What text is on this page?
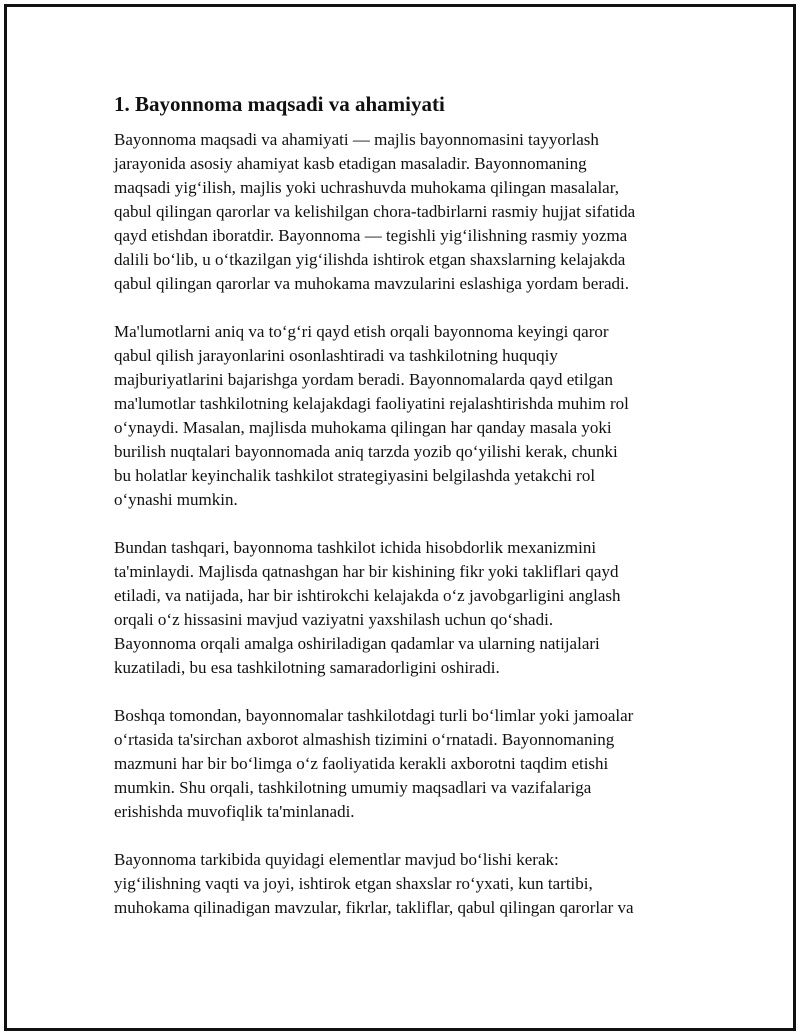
1. Bayonnoma maqsadi va ahamiyati
Bayonnoma maqsadi va ahamiyati — majlis bayonnomasini tayyorlash
jarayonida asosiy ahamiyat kasb etadigan masaladir. Bayonnomaning
maqsadi yig‘ilish, majlis yoki uchrashuvda muhokama qilingan masalalar,
qabul qilingan qarorlar va kelishilgan chora-tadbirlarni rasmiy hujjat sifatida
qayd etishdan iboratdir. Bayonnoma — tegishli yig‘ilishning rasmiy yozma
dalili bo‘lib, u o‘tkazilgan yig‘ilishda ishtirok etgan shaxslarning kelajakda
qabul qilingan qarorlar va muhokama mavzularini eslashiga yordam beradi.
Ma'lumotlarni aniq va to‘g‘ri qayd etish orqali bayonnoma keyingi qaror
qabul qilish jarayonlarini osonlashtiradi va tashkilotning huquqiy
majburiyatlarini bajarishga yordam beradi. Bayonnomalarda qayd etilgan
ma'lumotlar tashkilotning kelajakdagi faoliyatini rejalashtirishda muhim rol
o‘ynaydi. Masalan, majlisda muhokama qilingan har qanday masala yoki
burilish nuqtalari bayonnomada aniq tarzda yozib qo‘yilishi kerak, chunki
bu holatlar keyinchalik tashkilot strategiyasini belgilashda yetakchi rol
o‘ynashi mumkin.
Bundan tashqari, bayonnoma tashkilot ichida hisobdorlik mexanizmini
ta'minlaydi. Majlisda qatnashgan har bir kishining fikr yoki takliflari qayd
etiladi, va natijada, har bir ishtirokchi kelajakda o‘z javobgarligini anglash
orqali o‘z hissasini mavjud vaziyatni yaxshilash uchun qo‘shadi.
Bayonnoma orqali amalga oshiriladigan qadamlar va ularning natijalari
kuzatiladi, bu esa tashkilotning samaradorligini oshiradi.
Boshqa tomondan, bayonnomalar tashkilotdagi turli bo‘limlar yoki jamoalar
o‘rtasida ta'sirchan axborot almashish tizimini o‘rnatadi. Bayonnomaning
mazmuni har bir bo‘limga o‘z faoliyatida kerakli axborotni taqdim etishi
mumkin. Shu orqali, tashkilotning umumiy maqsadlari va vazifalariga
erishishda muvofiqlik ta'minlanadi.
Bayonnoma tarkibida quyidagi elementlar mavjud bo‘lishi kerak:
yig‘ilishning vaqti va joyi, ishtirok etgan shaxslar ro‘yxati, kun tartibi,
muhokama qilinadigan mavzular, fikrlar, takliflar, qabul qilingan qarorlar va
